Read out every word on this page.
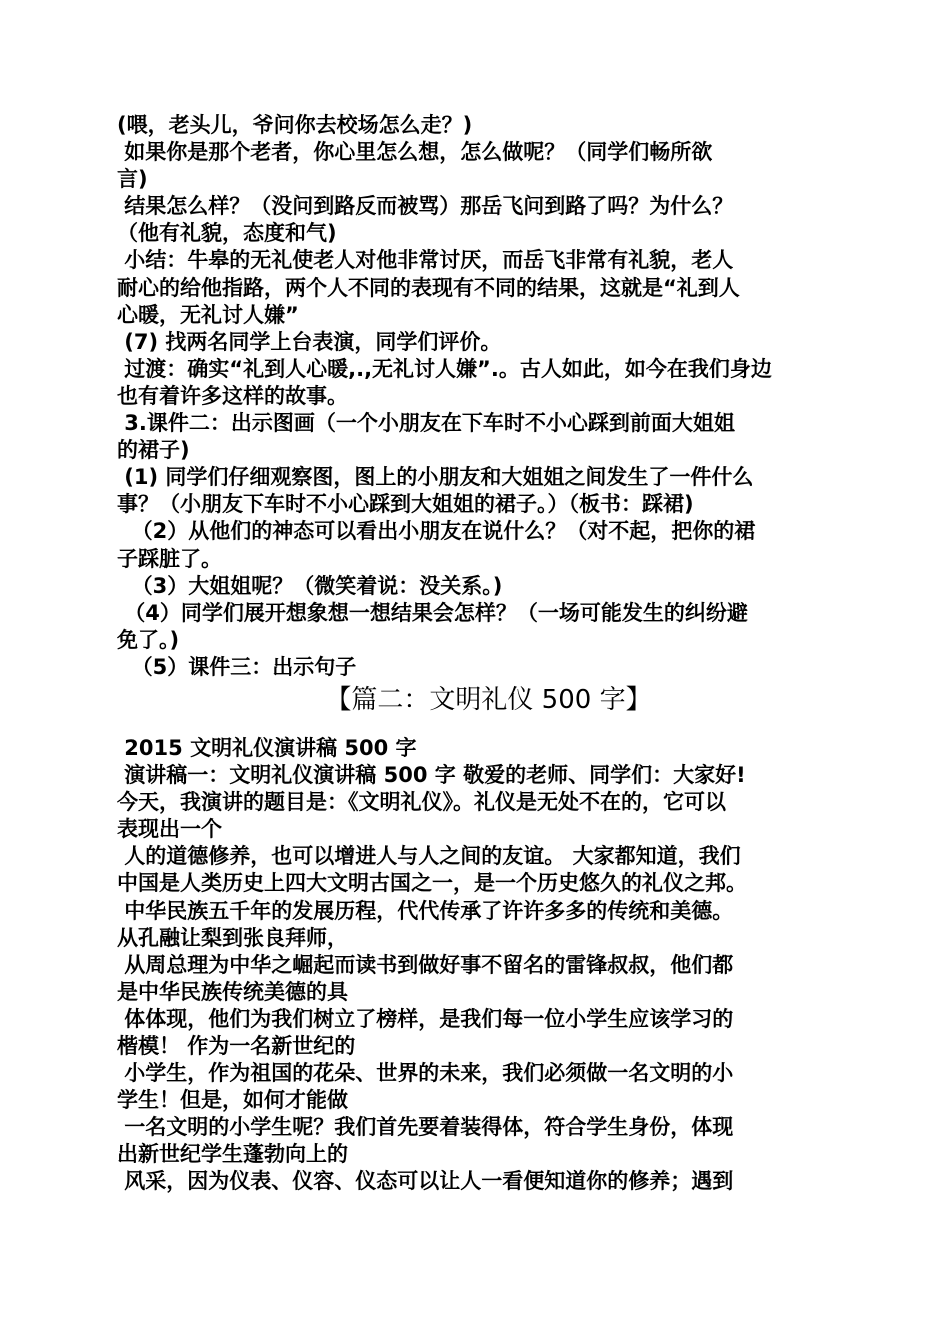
(喂，老头儿，爷问你去校场怎么走？)
如果你是那个老者，你心里怎么想，怎么做呢？（同学们畅所欲
言)
结果怎么样？（没问到路反而被骂）那岳飞问到路了吗？为什么？
（他有礼貌，态度和气)
小结：牛皋的无礼使老人对他非常讨厌，而岳飞非常有礼貌，老人
耐心的给他指路，两个人不同的表现有不同的结果，这就是“礼到人
心暖，无礼讨人嫌”
(7) 找两名同学上台表演，同学们评价。
过渡：确实“礼到人心暖,.,无礼讨人嫌”.。古人如此，如今在我们身边
也有着许多这样的故事。
3.课件二：出示图画（一个小朋友在下车时不小心踩到前面大姐姐
的裙子)
(1) 同学们仔细观察图，图上的小朋友和大姐姐之间发生了一件什么
事？（小朋友下车时不小心踩到大姐姐的裙子。）（板书：踩裙)
（2）从他们的神态可以看出小朋友在说什么？（对不起，把你的裙
子踩脏了。
（3）大姐姐呢？（微笑着说：没关系。)
（4）同学们展开想象想一想结果会怎样？（一场可能发生的纠纷避
免了。)
（5）课件三：出示句子
【篇二：文明礼仪 500 字】
2015 文明礼仪演讲稿 500 字
演讲稿一：文明礼仪演讲稿 500 字 敬爱的老师、同学们：大家好!
今天，我演讲的题目是：《文明礼仪》。礼仪是无处不在的，它可以
表现出一个
人的道德修养，也可以增进人与人之间的友谊。 大家都知道，我们
中国是人类历史上四大文明古国之一，是一个历史悠久的礼仪之邦。
中华民族五千年的发展历程，代代传承了许许多多的传统和美德。
从孔融让梨到张良拜师，
从周总理为中华之崛起而读书到做好事不留名的雷锋叔叔，他们都
是中华民族传统美德的具
体体现，他们为我们树立了榜样，是我们每一位小学生应该学习的
楷模！ 作为一名新世纪的
小学生，作为祖国的花朵、世界的未来，我们必须做一名文明的小
学生！但是，如何才能做
一名文明的小学生呢？我们首先要着装得体，符合学生身份，体现
出新世纪学生蓬勃向上的
风采，因为仪表、仪容、仪态可以让人一看便知道你的修养；遇到
